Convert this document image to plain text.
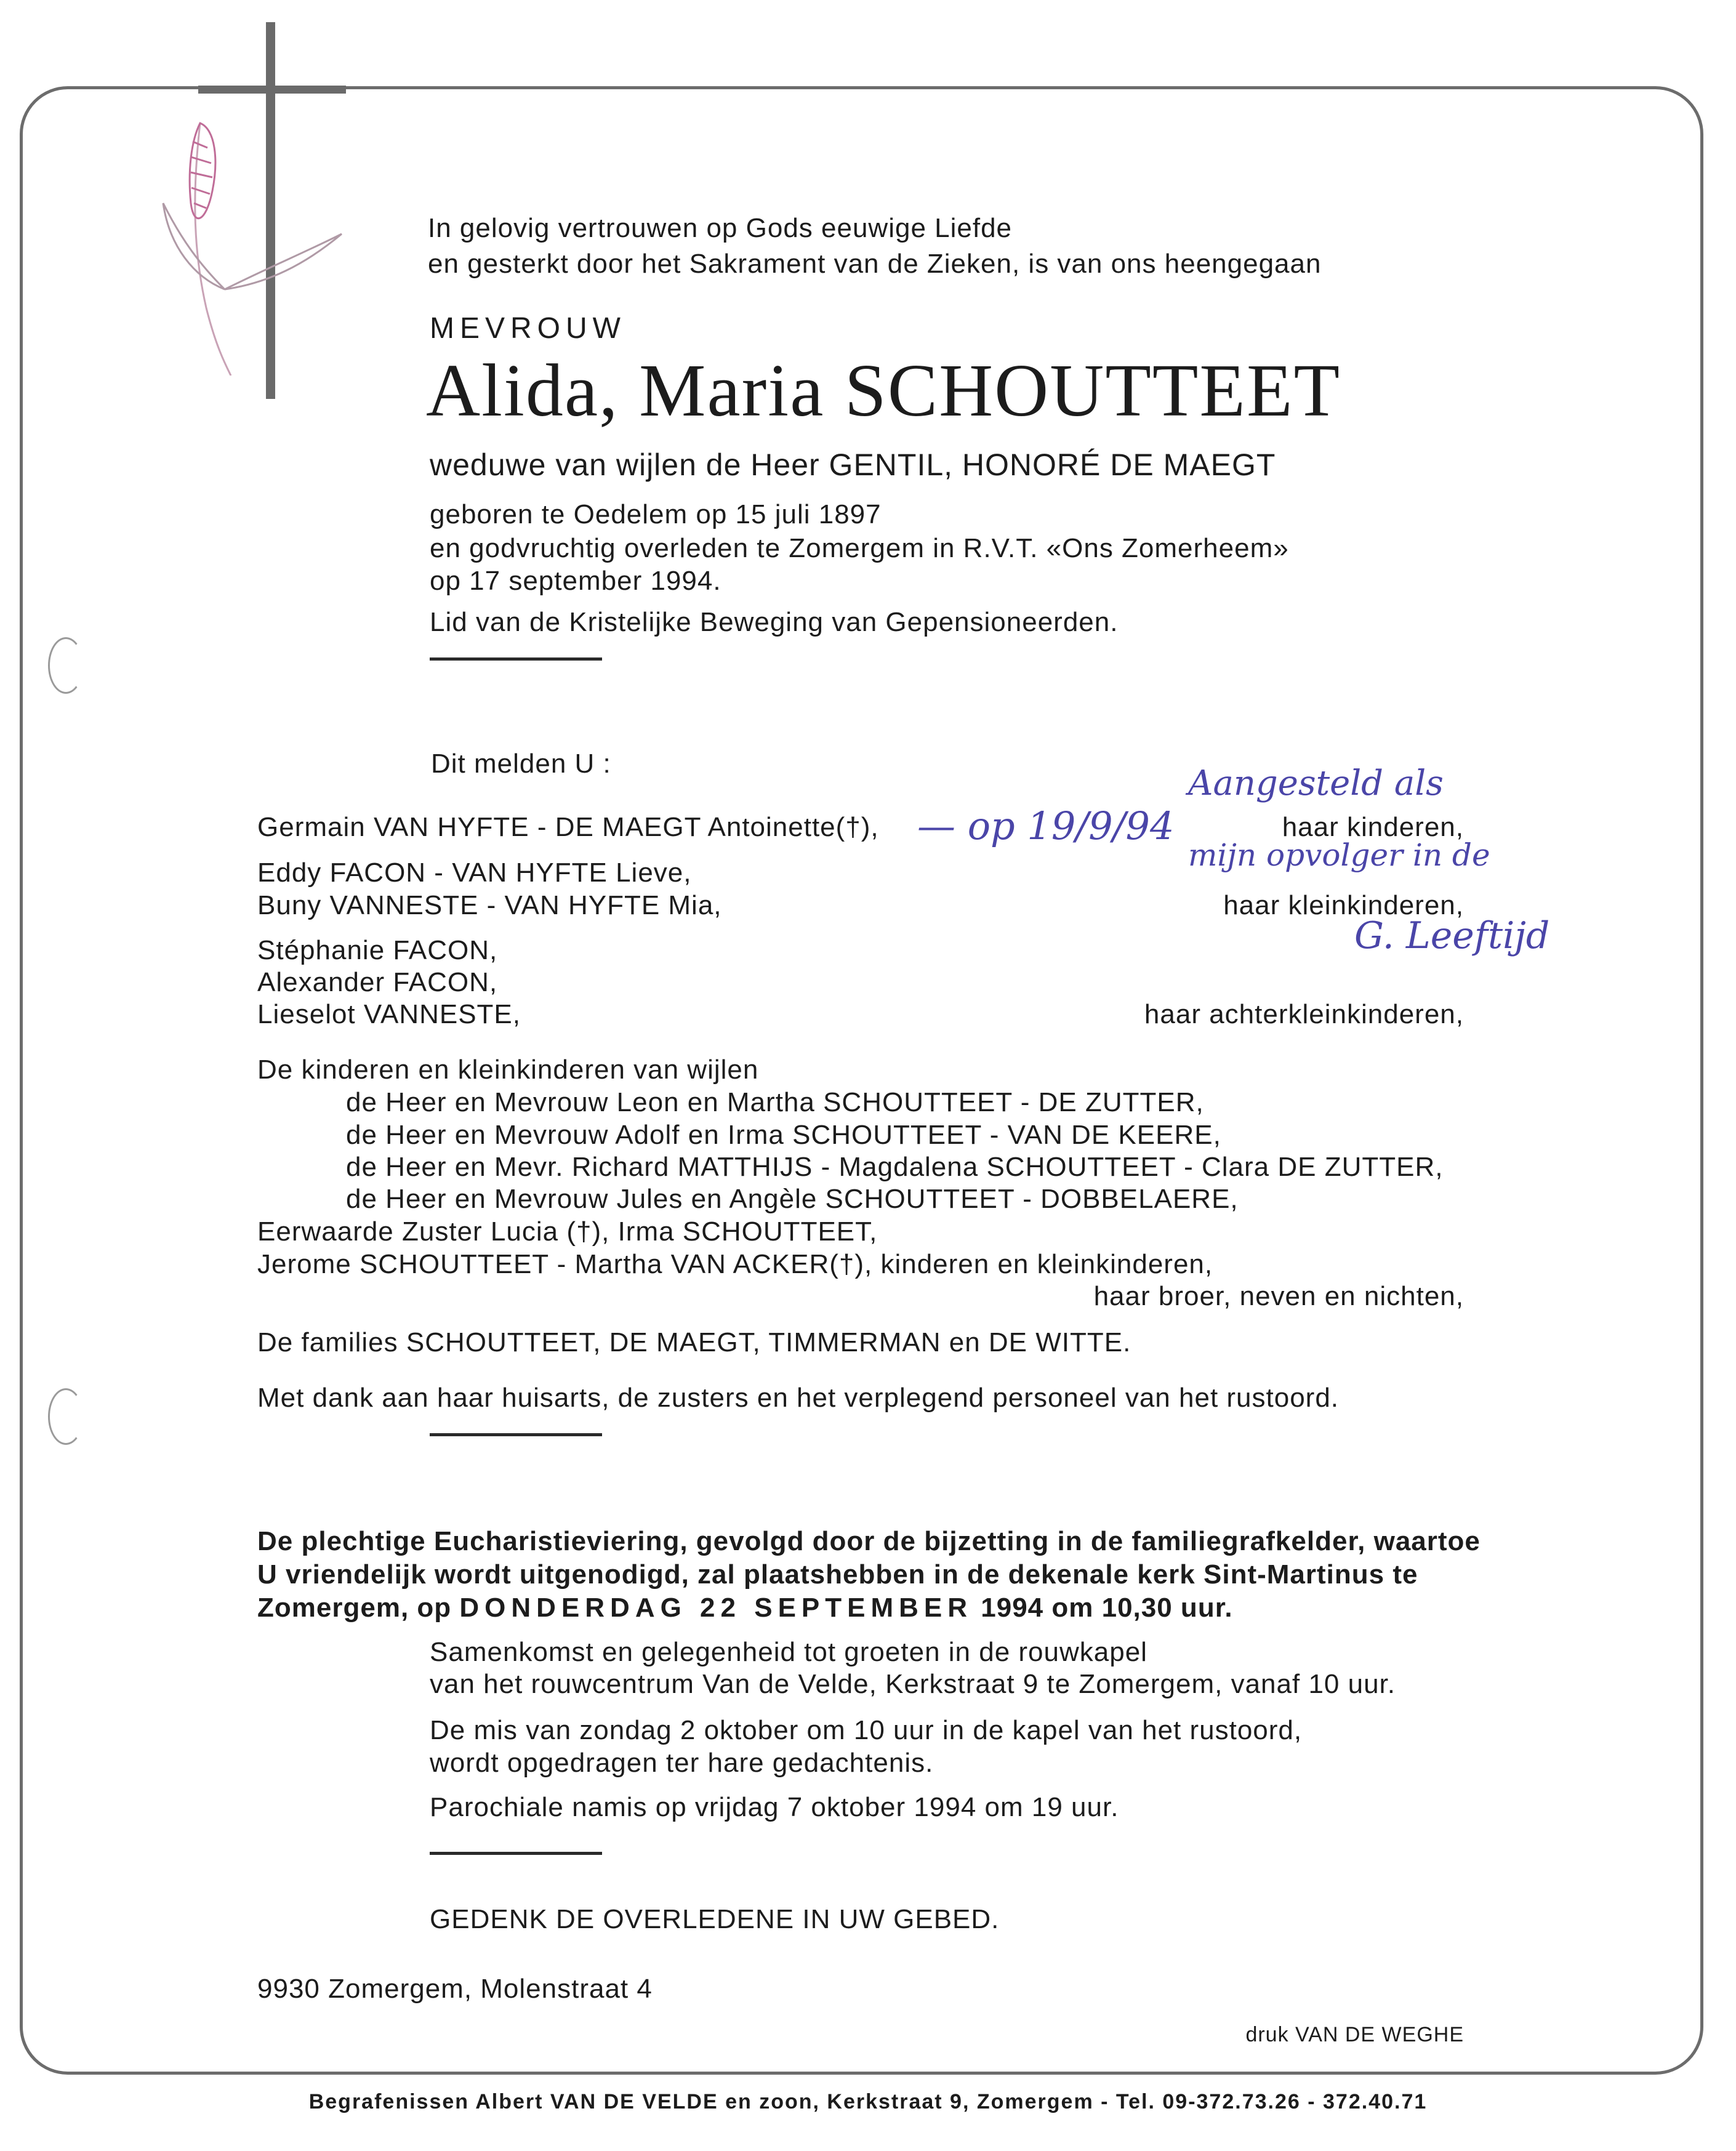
In gelovig vertrouwen op Gods eeuwige Liefde
en gesterkt door het Sakrament van de Zieken, is van ons heengegaan
MEVROUW
Alida, Maria SCHOUTTEET
weduwe van wijlen de Heer GENTIL, HONORÉ DE MAEGT
geboren te Oedelem op 15 juli 1897
en godvruchtig overleden te Zomergem in R.V.T. «Ons Zomerheem»
op 17 september 1994.
Lid van de Kristelijke Beweging van Gepensioneerden.
Dit melden U :
Germain VAN HYFTE - DE MAEGT Antoinette(†),	haar kinderen,
Eddy FACON - VAN HYFTE Lieve,
Buny VANNESTE - VAN HYFTE Mia,	haar kleinkinderen,
Stéphanie FACON,
Alexander FACON,
Lieselot VANNESTE,	haar achterkleinkinderen,
De kinderen en kleinkinderen van wijlen
de Heer en Mevrouw Leon en Martha SCHOUTTEET - DE ZUTTER,
de Heer en Mevrouw Adolf en Irma SCHOUTTEET - VAN DE KEERE,
de Heer en Mevr. Richard MATTHIJS - Magdalena SCHOUTTEET - Clara DE ZUTTER,
de Heer en Mevrouw Jules en Angèle SCHOUTTEET - DOBBELAERE,
Eerwaarde Zuster Lucia (†), Irma SCHOUTTEET,
Jerome SCHOUTTEET - Martha VAN ACKER(†), kinderen en kleinkinderen,
haar broer, neven en nichten,
De families SCHOUTTEET, DE MAEGT, TIMMERMAN en DE WITTE.
Met dank aan haar huisarts, de zusters en het verplegend personeel van het rustoord.
De plechtige Eucharistieviering, gevolgd door de bijzetting in de familiegrafkelder, waartoe
U vriendelijk wordt uitgenodigd, zal plaatshebben in de dekenale kerk Sint-Martinus te
Zomergem, op DONDERDAG 22 SEPTEMBER 1994 om 10,30 uur.
Samenkomst en gelegenheid tot groeten in de rouwkapel
van het rouwcentrum Van de Velde, Kerkstraat 9 te Zomergem, vanaf 10 uur.
De mis van zondag 2 oktober om 10 uur in de kapel van het rustoord,
wordt opgedragen ter hare gedachtenis.
Parochiale namis op vrijdag 7 oktober 1994 om 19 uur.
GEDENK DE OVERLEDENE IN UW GEBED.
9930 Zomergem, Molenstraat 4
druk VAN DE WEGHE
Begrafenissen Albert VAN DE VELDE en zoon, Kerkstraat 9, Zomergem - Tel. 09-372.73.26 - 372.40.71
— op 19/9/94
Aangesteld als
mijn opvolger in de
G. Leeftijd
